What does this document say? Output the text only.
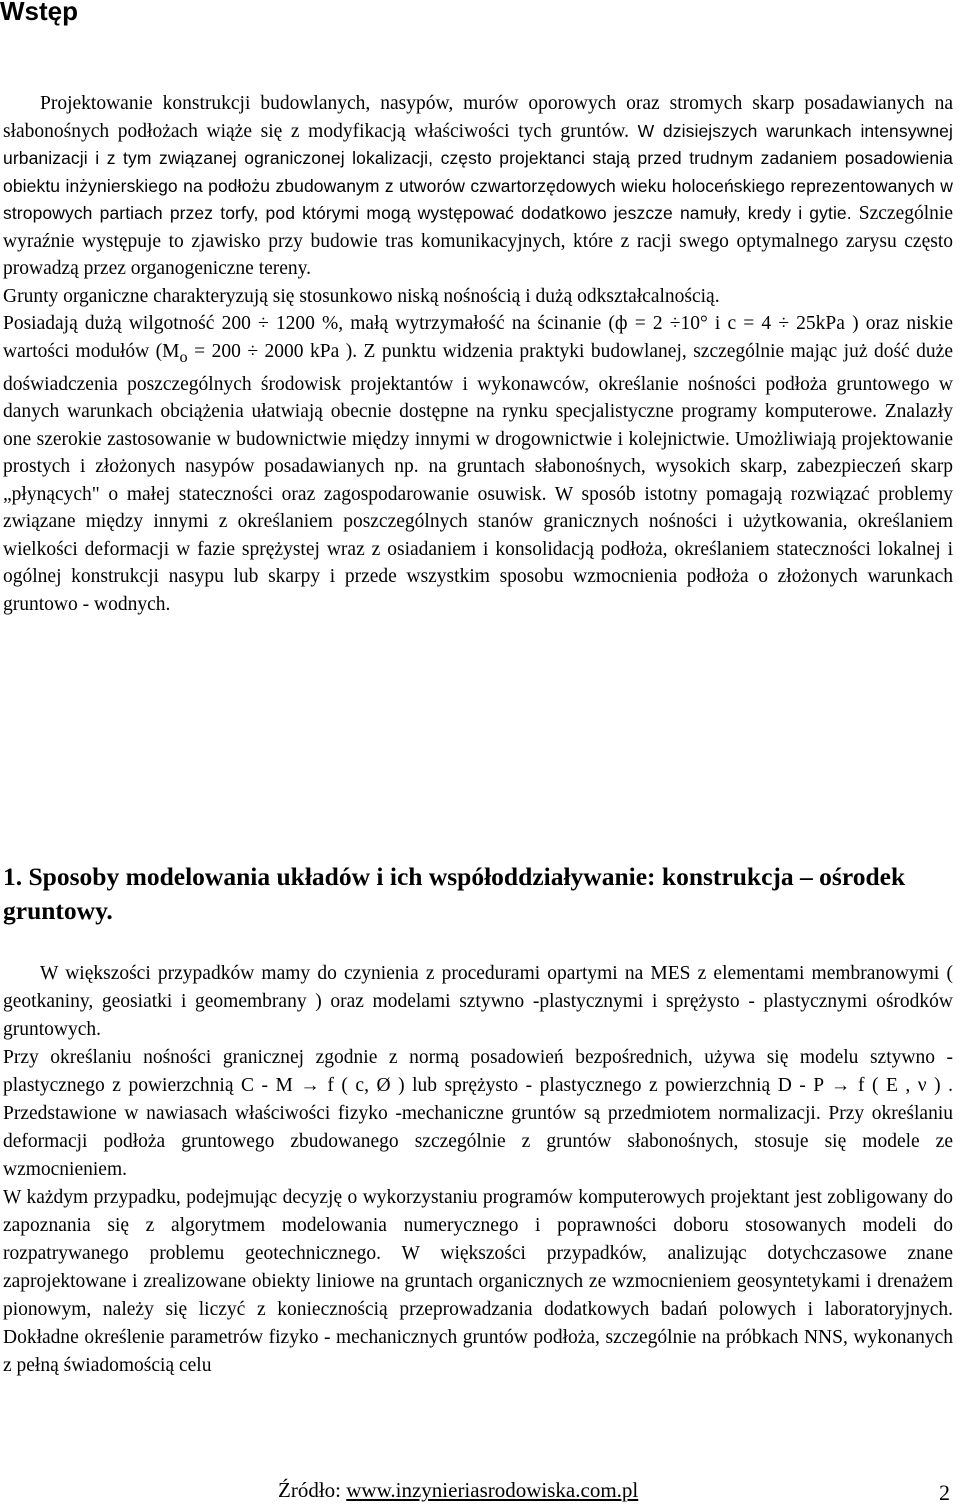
Wstęp

Projektowanie konstrukcji budowlanych, nasypów, murów oporowych oraz stromych skarp posadawianych na słabonośnych podłożach wiąże się z modyfikacją właściwości tych gruntów. W dzisiejszych warunkach intensywnej urbanizacji i z tym związanej ograniczonej lokalizacji, często projektanci stają przed trudnym zadaniem posadowienia obiektu inżynierskiego na podłożu zbudowanym z utworów czwartorzędowych wieku holoceńskiego reprezentowanych w stropowych partiach przez torfy, pod którymi mogą występować dodatkowo jeszcze namuły, kredy i gytie. Szczególnie wyraźnie występuje to zjawisko przy budowie tras komunikacyjnych, które z racji swego optymalnego zarysu często prowadzą przez organogeniczne tereny.

Grunty organiczne charakteryzują się stosunkowo niską nośnością i dużą odkształcalnością.

Posiadają dużą wilgotność 200 ÷ 1200 %, małą wytrzymałość na ścinanie (ф = 2 ÷10° i c = 4 ÷ 25kPa ) oraz niskie wartości modułów ($M_o = 200 \div 2000$ kPa ). Z punktu widzenia praktyki budowlanej, szczególnie mając już dość duże doświadczenia poszczególnych środowisk projektantów i wykonawców, określanie nośności podłoża gruntowego w danych warunkach obciążenia ułatwiają obecnie dostępne na rynku specjalistyczne programy komputerowe. Znalazły one szerokie zastosowanie w budownictwie między innymi w drogownictwie i kolejnictwie. Umożliwiają projektowanie prostych i złożonych nasypów posadawianych np. na gruntach słabonośnych, wysokich skarp, zabezpieczeń skarp „płynących" o małej stateczności oraz zagospodarowanie osuwisk. W sposób istotny pomagają rozwiązać problemy związane między innymi z określaniem poszczególnych stanów granicznych nośności i użytkowania, określaniem wielkości deformacji w fazie sprężystej wraz z osiadaniem i konsolidacją podłoża, określaniem stateczności lokalnej i ogólnej konstrukcji nasypu lub skarpy i przede wszystkim sposobu wzmocnienia podłoża o złożonych warunkach gruntowo - wodnych.

1. Sposoby modelowania układów i ich współoddziaływanie: konstrukcja – ośrodek gruntowy.

W większości przypadków mamy do czynienia z procedurami opartymi na MES z elementami membranowymi ( geotkaniny, geosiatki i geomembrany ) oraz modelami sztywno -plastycznymi i sprężysto - plastycznymi ośrodków gruntowych.

Przy określaniu nośności granicznej zgodnie z normą posadowień bezpośrednich, używa się modelu sztywno - plastycznego z powierzchnią C - M → f ( c, Ø ) lub sprężysto - plastycznego z powierzchnią D - P → f ( E , ν ) . Przedstawione w nawiasach właściwości fizyko -mechaniczne gruntów są przedmiotem normalizacji. Przy określaniu deformacji podłoża gruntowego zbudowanego szczególnie z gruntów słabonośnych, stosuje się modele ze wzmocnieniem.

W każdym przypadku, podejmując decyzję o wykorzystaniu programów komputerowych projektant jest zobligowany do zapoznania się z algorytmem modelowania numerycznego i poprawności doboru stosowanych modeli do rozpatrywanego problemu geotechnicznego. W większości przypadków, analizując dotychczasowe znane zaprojektowane i zrealizowane obiekty liniowe na gruntach organicznych ze wzmocnieniem geosyntetykami i drenażem pionowym, należy się liczyć z koniecznością przeprowadzania dodatkowych badań polowych i laboratoryjnych. Dokładne określenie parametrów fizyko - mechanicznych gruntów podłoża, szczególnie na próbkach NNS, wykonanych z pełną świadomością celu

Źródło: www.inzynieriasrodowiska.com.pl	2
